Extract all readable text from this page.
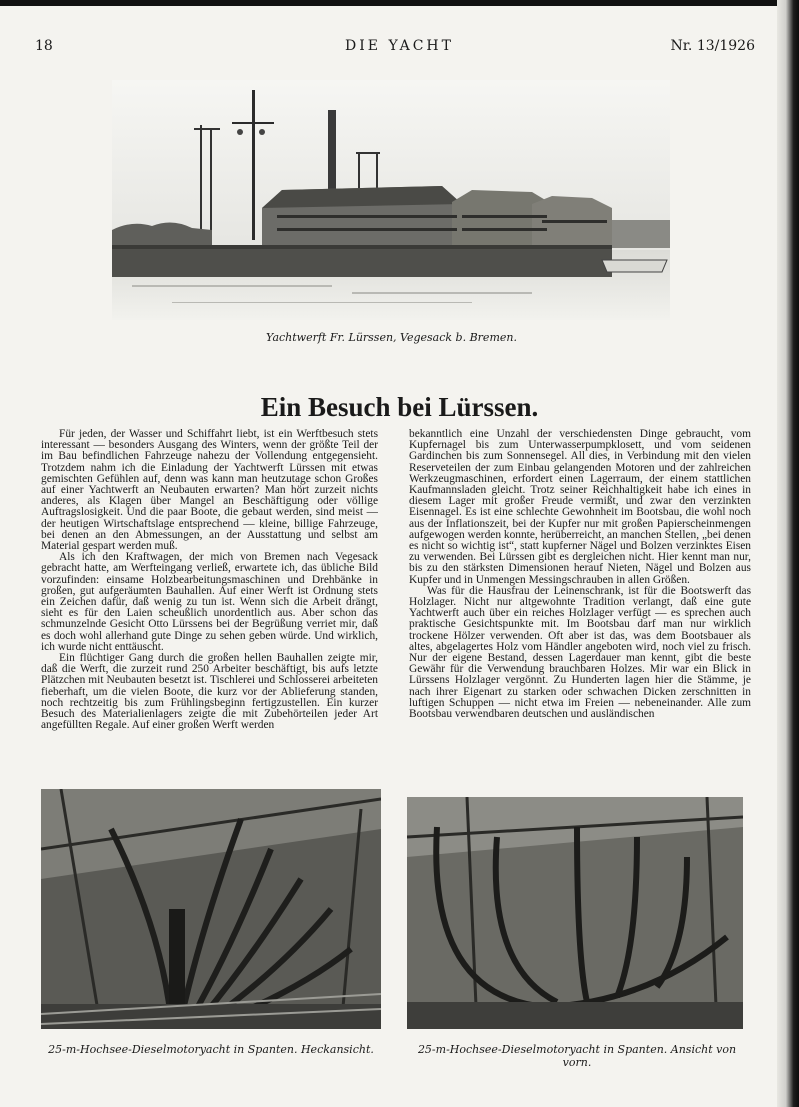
18	DIE YACHT	Nr. 13/1926
Yachtwerft Fr. Lürssen, Vegesack b. Bremen.
Ein Besuch bei Lürssen.

Für jeden, der Wasser und Schiffahrt liebt, ist ein Werftbesuch stets interessant — besonders Ausgang des Winters, wenn der größte Teil der im Bau befindlichen Fahrzeuge nahezu der Vollendung entgegensieht. Trotzdem nahm ich die Einladung der Yachtwerft Lürssen mit etwas gemischten Gefühlen auf, denn was kann man heutzutage schon Großes auf einer Yachtwerft an Neubauten erwarten? Man hört zurzeit nichts anderes, als Klagen über Mangel an Beschäftigung oder völlige Auftragslosigkeit. Und die paar Boote, die gebaut werden, sind meist — der heutigen Wirtschaftslage entsprechend — kleine, billige Fahrzeuge, bei denen an den Abmessungen, an der Ausstattung und selbst am Material gespart werden muß.

Als ich den Kraftwagen, der mich von Bremen nach Vegesack gebracht hatte, am Werfteingang verließ, erwartete ich, das übliche Bild vorzufinden: einsame Holzbearbeitungsmaschinen und Drehbänke in großen, gut aufgeräumten Bauhallen. Auf einer Werft ist Ordnung stets ein Zeichen dafür, daß wenig zu tun ist. Wenn sich die Arbeit drängt, sieht es für den Laien scheußlich unordentlich aus. Aber schon das schmunzelnde Gesicht Otto Lürssens bei der Begrüßung verriet mir, daß es doch wohl allerhand gute Dinge zu sehen geben würde. Und wirklich, ich wurde nicht enttäuscht.

Ein flüchtiger Gang durch die großen hellen Bauhallen zeigte mir, daß die Werft, die zurzeit rund 250 Arbeiter beschäftigt, bis aufs letzte Plätzchen mit Neubauten besetzt ist. Tischlerei und Schlosserei arbeiteten fieberhaft, um die vielen Boote, die kurz vor der Ablieferung standen, noch rechtzeitig bis zum Frühlingsbeginn fertigzustellen. Ein kurzer Besuch des Materialienlagers zeigte die mit Zubehörteilen jeder Art angefüllten Regale. Auf einer großen Werft werden

bekanntlich eine Unzahl der verschiedensten Dinge gebraucht, vom Kupfernagel bis zum Unterwasserpumpklosett, und vom seidenen Gardinchen bis zum Sonnensegel. All dies, in Verbindung mit den vielen Reserveteilen der zum Einbau gelangenden Motoren und der zahlreichen Werkzeugmaschinen, erfordert einen Lagerraum, der einem stattlichen Kaufmannsladen gleicht. Trotz seiner Reichhaltigkeit habe ich eines in diesem Lager mit großer Freude vermißt, und zwar den verzinkten Eisennagel. Es ist eine schlechte Gewohnheit im Bootsbau, die wohl noch aus der Inflationszeit, bei der Kupfer nur mit großen Papierscheinmengen aufgewogen werden konnte, herüberreicht, an manchen Stellen, „bei denen es nicht so wichtig ist“, statt kupferner Nägel und Bolzen verzinktes Eisen zu verwenden. Bei Lürssen gibt es dergleichen nicht. Hier kennt man nur, bis zu den stärksten Dimensionen herauf Nieten, Nägel und Bolzen aus Kupfer und in Unmengen Messingschrauben in allen Größen.

Was für die Hausfrau der Leinenschrank, ist für die Bootswerft das Holzlager. Nicht nur altgewohnte Tradition verlangt, daß eine gute Yachtwerft auch über ein reiches Holzlager verfügt — es sprechen auch praktische Gesichtspunkte mit. Im Bootsbau darf man nur wirklich trockene Hölzer verwenden. Oft aber ist das, was dem Bootsbauer als altes, abgelagertes Holz vom Händler angeboten wird, noch viel zu frisch. Nur der eigene Bestand, dessen Lagerdauer man kennt, gibt die beste Gewähr für die Verwendung brauchbaren Holzes. Mir war ein Blick in Lürssens Holzlager vergönnt. Zu Hunderten lagen hier die Stämme, je nach ihrer Eigenart zu starken oder schwachen Dicken zerschnitten in luftigen Schuppen — nicht etwa im Freien — nebeneinander. Alle zum Bootsbau verwendbaren deutschen und ausländischen

25-m-Hochsee-Dieselmotoryacht in Spanten. Heckansicht.	25-m-Hochsee-Dieselmotoryacht in Spanten. Ansicht von vorn.
